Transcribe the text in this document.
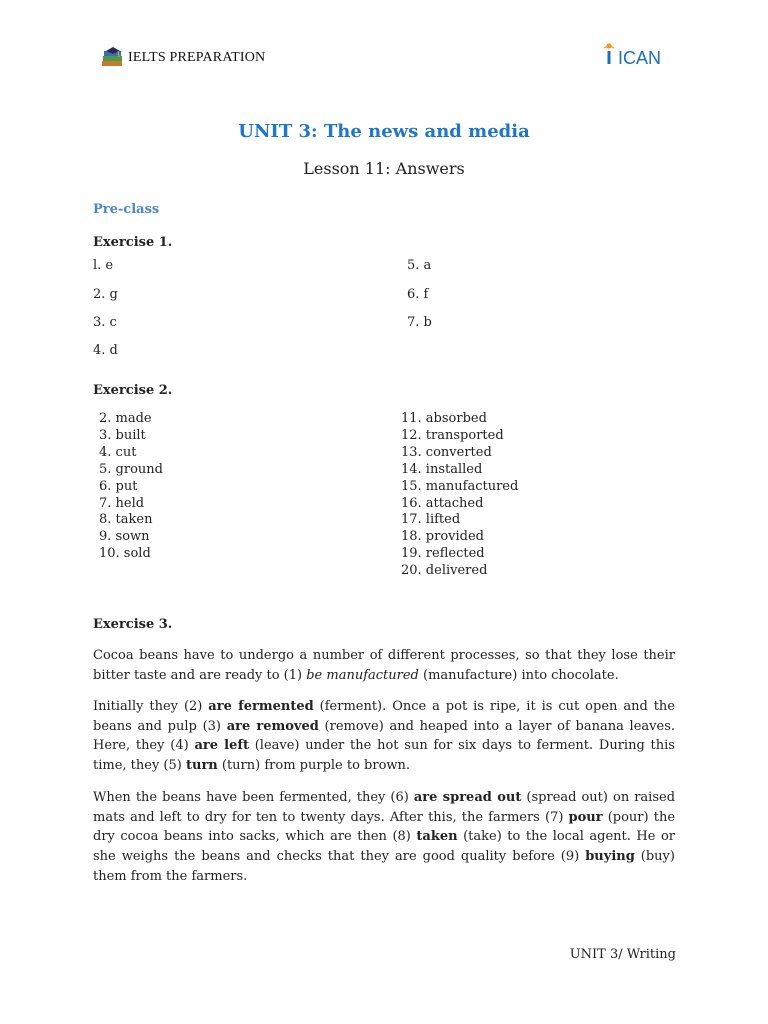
IELTS PREPARATION	ICAN
UNIT 3: The news and media
Lesson 11: Answers
Pre-class
Exercise 1.
l. e
2. g
3. c
4. d
5. a
6. f
7. b
Exercise 2.
2. made
3. built
4. cut
5. ground
6. put
7. held
8. taken
9. sown
10. sold
11. absorbed
12. transported
13. converted
14. installed
15. manufactured
16. attached
17. lifted
18. provided
19. reflected
20. delivered
Exercise 3.

Cocoa beans have to undergo a number of different processes, so that they lose their bitter taste and are ready to (1) be manufactured (manufacture) into chocolate.

Initially they (2) are fermented (ferment). Once a pot is ripe, it is cut open and the beans and pulp (3) are removed (remove) and heaped into a layer of banana leaves. Here, they (4) are left (leave) under the hot sun for six days to ferment. During this time, they (5) turn (turn) from purple to brown.

When the beans have been fermented, they (6) are spread out (spread out) on raised mats and left to dry for ten to twenty days. After this, the farmers (7) pour (pour) the dry cocoa beans into sacks, which are then (8) taken (take) to the local agent. He or she weighs the beans and checks that they are good quality before (9) buying (buy) them from the farmers.

UNIT 3/ Writing
